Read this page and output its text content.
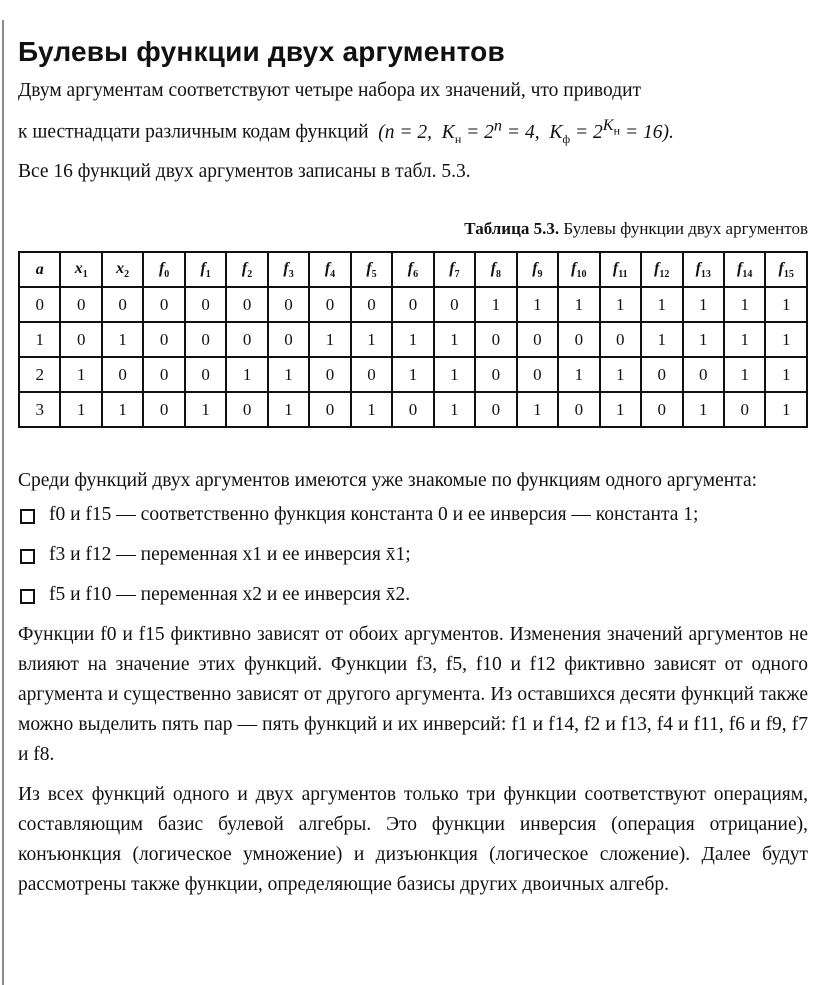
Булевы функции двух аргументов

Двум аргументам соответствуют четыре набора их значений, что приводит

к шестнадцати различным кодам функций  (n = 2,  $K_н = 2^n = 4$,  $K_ф = 2^{K_н} = 16$).

Все 16 функций двух аргументов записаны в табл. 5.3.

Таблица 5.3. Булевы функции двух аргументов
a	$x_1$	$x_2$	$f_0$	$f_1$	$f_2$	$f_3$	$f_4$	$f_5$	$f_6$	$f_7$	$f_8$	$f_9$	$f_{10}$	$f_{11}$	$f_{12}$	$f_{13}$	$f_{14}$	$f_{15}$
0	0	0	0	0	0	0	0	0	0	0	1	1	1	1	1	1	1	1
1	0	1	0	0	0	0	1	1	1	1	0	0	0	0	1	1	1	1
2	1	0	0	0	1	1	0	0	1	1	0	0	1	1	0	0	1	1
3	1	1	0	1	0	1	0	1	0	1	0	1	0	1	0	1	0	1

Среди функций двух аргументов имеются уже знакомые по функциям одного аргумента:

f0 и f15 — соответственно функция константа 0 и ее инверсия — константа 1;
f3 и f12 — переменная x1 и ее инверсия x̄1;
f5 и f10 — переменная x2 и ее инверсия x̄2.

Функции f0 и f15 фиктивно зависят от обоих аргументов. Изменения значений аргументов не влияют на значение этих функций. Функции f3, f5, f10 и f12 фиктивно зависят от одного аргумента и существенно зависят от другого аргумента. Из оставшихся десяти функций также можно выделить пять пар — пять функций и их инверсий: f1 и f14, f2 и f13, f4 и f11, f6 и f9, f7 и f8.

Из всех функций одного и двух аргументов только три функции соответствуют операциям, составляющим базис булевой алгебры. Это функции инверсия (операция отрицание), конъюнкция (логическое умножение) и дизъюнкция (логическое сложение). Далее будут рассмотрены также функции, определяющие базисы других двоичных алгебр.
